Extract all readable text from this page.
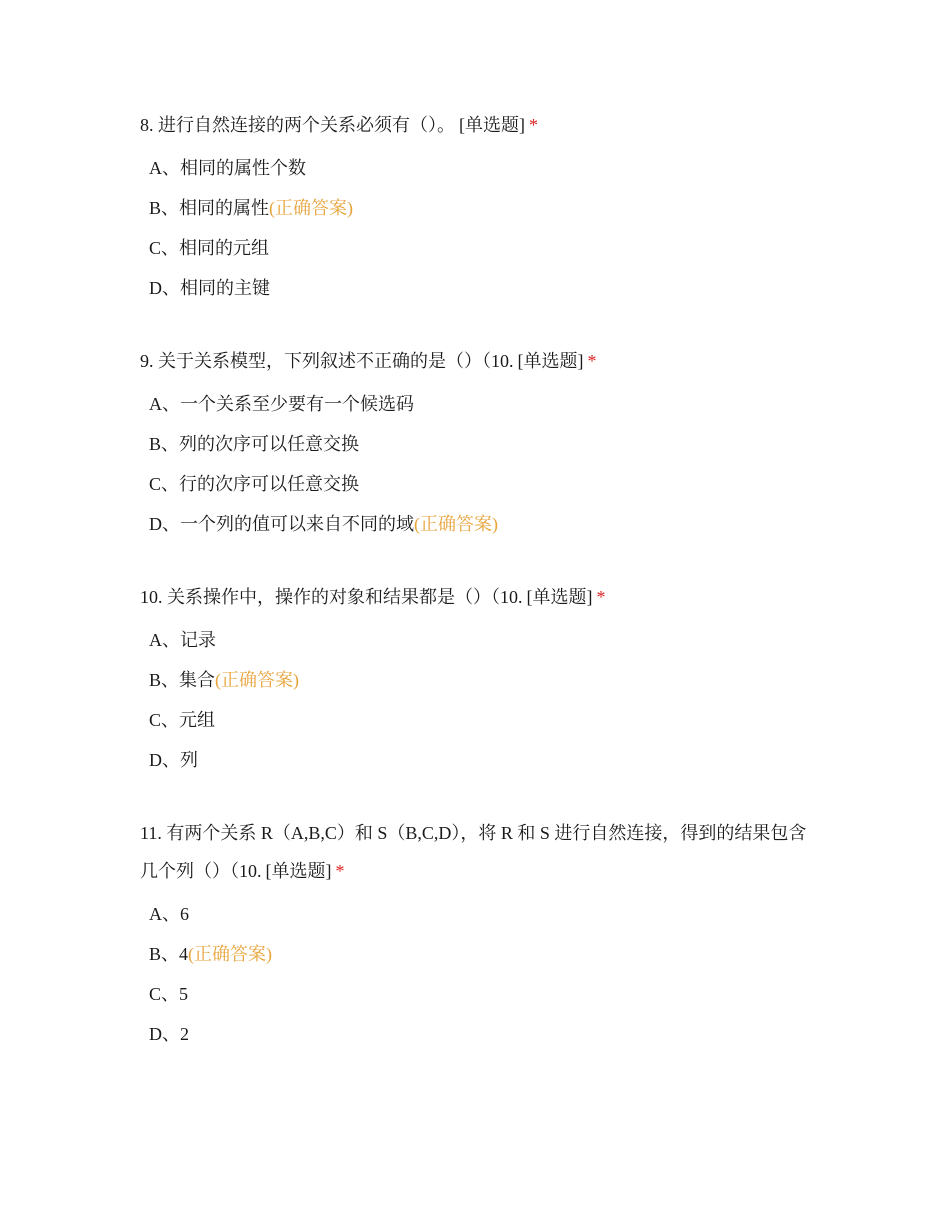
8. 进行自然连接的两个关系必须有（）。 [单选题] *
A、相同的属性个数
B、相同的属性(正确答案)
C、相同的元组
D、相同的主键
9. 关于关系模型，下列叙述不正确的是（）（10. [单选题] *
A、一个关系至少要有一个候选码
B、列的次序可以任意交换
C、行的次序可以任意交换
D、一个列的值可以来自不同的域(正确答案)
10. 关系操作中，操作的对象和结果都是（）（10. [单选题] *
A、记录
B、集合(正确答案)
C、元组
D、列
11. 有两个关系 R（A,B,C）和 S（B,C,D），将 R 和 S 进行自然连接，得到的结果包含几个列（）（10. [单选题] *
A、6
B、4(正确答案)
C、5
D、2
